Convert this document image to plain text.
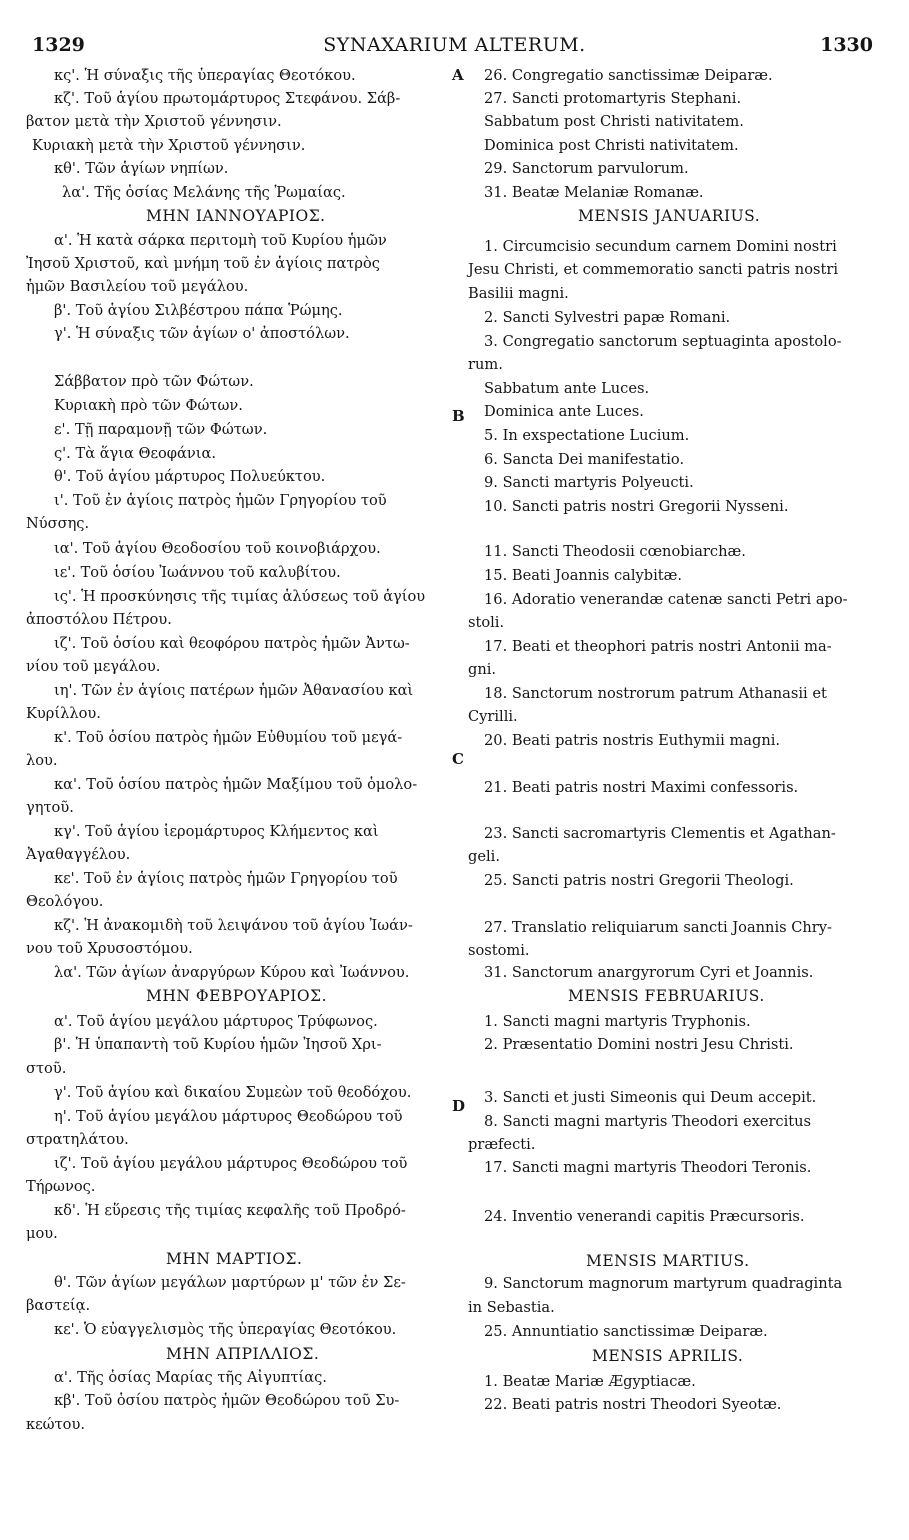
1329	SYNAXARIUM ALTERUM.	1330
κς'. Ἡ σύναξις τῆς ὑπεραγίας Θεοτόκου.
κζ'. Τοῦ ἁγίου πρωτομάρτυρος Στεφάνου. Σάβ-
βατον μετὰ τὴν Χριστοῦ γέννησιν.
Κυριακὴ μετὰ τὴν Χριστοῦ γέννησιν.
κθ'. Τῶν ἁγίων νηπίων.
λα'. Τῆς ὁσίας Μελάνης τῆς Ῥωμαίας.
ΜΗΝ ΙΑΝΝΟΥΑΡΙΟΣ.
α'. Ἡ κατὰ σάρκα περιτομὴ τοῦ Κυρίου ἡμῶν
Ἰησοῦ Χριστοῦ, καὶ μνήμη τοῦ ἐν ἁγίοις πατρὸς
ἡμῶν Βασιλείου τοῦ μεγάλου.
β'. Τοῦ ἁγίου Σιλβέστρου πάπα Ῥώμης.
γ'. Ἡ σύναξις τῶν ἁγίων ο' ἀποστόλων.
Σάββατον πρὸ τῶν Φώτων.
Κυριακὴ πρὸ τῶν Φώτων.
ε'. Τῇ παραμονῇ τῶν Φώτων.
ς'. Τὰ ἅγια Θεοφάνια.
θ'. Τοῦ ἁγίου μάρτυρος Πολυεύκτου.
ι'. Τοῦ ἐν ἁγίοις πατρὸς ἡμῶν Γρηγορίου τοῦ
Νύσσης.
ια'. Τοῦ ἁγίου Θεοδοσίου τοῦ κοινοβιάρχου.
ιε'. Τοῦ ὁσίου Ἰωάννου τοῦ καλυβίτου.
ις'. Ἡ προσκύνησις τῆς τιμίας ἁλύσεως τοῦ ἁγίου
ἀποστόλου Πέτρου.
ιζ'. Τοῦ ὁσίου καὶ θεοφόρου πατρὸς ἡμῶν Ἀντω-
νίου τοῦ μεγάλου.
ιη'. Τῶν ἐν ἁγίοις πατέρων ἡμῶν Ἀθανασίου καὶ
Κυρίλλου.
κ'. Τοῦ ὁσίου πατρὸς ἡμῶν Εὐθυμίου τοῦ μεγά-
λου.
κα'. Τοῦ ὁσίου πατρὸς ἡμῶν Μαξίμου τοῦ ὁμολο-
γητοῦ.
κγ'. Τοῦ ἁγίου ἱερομάρτυρος Κλήμεντος καὶ
Ἀγαθαγγέλου.
κε'. Τοῦ ἐν ἁγίοις πατρὸς ἡμῶν Γρηγορίου τοῦ
Θεολόγου.
κζ'. Ἡ ἀνακομιδὴ τοῦ λειψάνου τοῦ ἁγίου Ἰωάν-
νου τοῦ Χρυσοστόμου.
λα'. Τῶν ἁγίων ἀναργύρων Κύρου καὶ Ἰωάννου.
ΜΗΝ ΦΕΒΡΟΥΑΡΙΟΣ.
α'. Τοῦ ἁγίου μεγάλου μάρτυρος Τρύφωνος.
β'. Ἡ ὑπαπαντὴ τοῦ Κυρίου ἡμῶν Ἰησοῦ Χρι-
στοῦ.
γ'. Τοῦ ἁγίου καὶ δικαίου Συμεὼν τοῦ θεοδόχου.
η'. Τοῦ ἁγίου μεγάλου μάρτυρος Θεοδώρου τοῦ
στρατηλάτου.
ιζ'. Τοῦ ἁγίου μεγάλου μάρτυρος Θεοδώρου τοῦ
Τήρωνος.
κδ'. Ἡ εὕρεσις τῆς τιμίας κεφαλῆς τοῦ Προδρό-
μου.
ΜΗΝ ΜΑΡΤΙΟΣ.
θ'. Τῶν ἁγίων μεγάλων μαρτύρων μ' τῶν ἐν Σε-
βαστείᾳ.
κε'. Ὁ εὐαγγελισμὸς τῆς ὑπεραγίας Θεοτόκου.
ΜΗΝ ΑΠΡΙΛΛΙΟΣ.
α'. Τῆς ὁσίας Μαρίας τῆς Αἰγυπτίας.
κβ'. Τοῦ ὁσίου πατρὸς ἡμῶν Θεοδώρου τοῦ Συ-
κεώτου.
A
B
C
D
26. Congregatio sanctissimæ Deiparæ.
27. Sancti protomartyris Stephani.
Sabbatum post Christi nativitatem.
Dominica post Christi nativitatem.
29. Sanctorum parvulorum.
31. Beatæ Melaniæ Romanæ.
MENSIS JANUARIUS.
1. Circumcisio secundum carnem Domini nostri
Jesu Christi, et commemoratio sancti patris nostri
Basilii magni.
2. Sancti Sylvestri papæ Romani.
3. Congregatio sanctorum septuaginta apostolo-
rum.
Sabbatum ante Luces.
Dominica ante Luces.
5. In exspectatione Lucium.
6. Sancta Dei manifestatio.
9. Sancti martyris Polyeucti.
10. Sancti patris nostri Gregorii Nysseni.
11. Sancti Theodosii cœnobiarchæ.
15. Beati Joannis calybitæ.
16. Adoratio venerandæ catenæ sancti Petri apo-
stoli.
17. Beati et theophori patris nostri Antonii ma-
gni.
18. Sanctorum nostrorum patrum Athanasii et
Cyrilli.
20. Beati patris nostris Euthymii magni.
21. Beati patris nostri Maximi confessoris.
23. Sancti sacromartyris Clementis et Agathan-
geli.
25. Sancti patris nostri Gregorii Theologi.
27. Translatio reliquiarum sancti Joannis Chry-
sostomi.
31. Sanctorum anargyrorum Cyri et Joannis.
MENSIS FEBRUARIUS.
1. Sancti magni martyris Tryphonis.
2. Præsentatio Domini nostri Jesu Christi.
3. Sancti et justi Simeonis qui Deum accepit.
8. Sancti magni martyris Theodori exercitus
præfecti.
17. Sancti magni martyris Theodori Teronis.
24. Inventio venerandi capitis Præcursoris.
MENSIS MARTIUS.
9. Sanctorum magnorum martyrum quadraginta
in Sebastia.
25. Annuntiatio sanctissimæ Deiparæ.
MENSIS APRILIS.
1. Beatæ Mariæ Ægyptiacæ.
22. Beati patris nostri Theodori Syeotæ.
